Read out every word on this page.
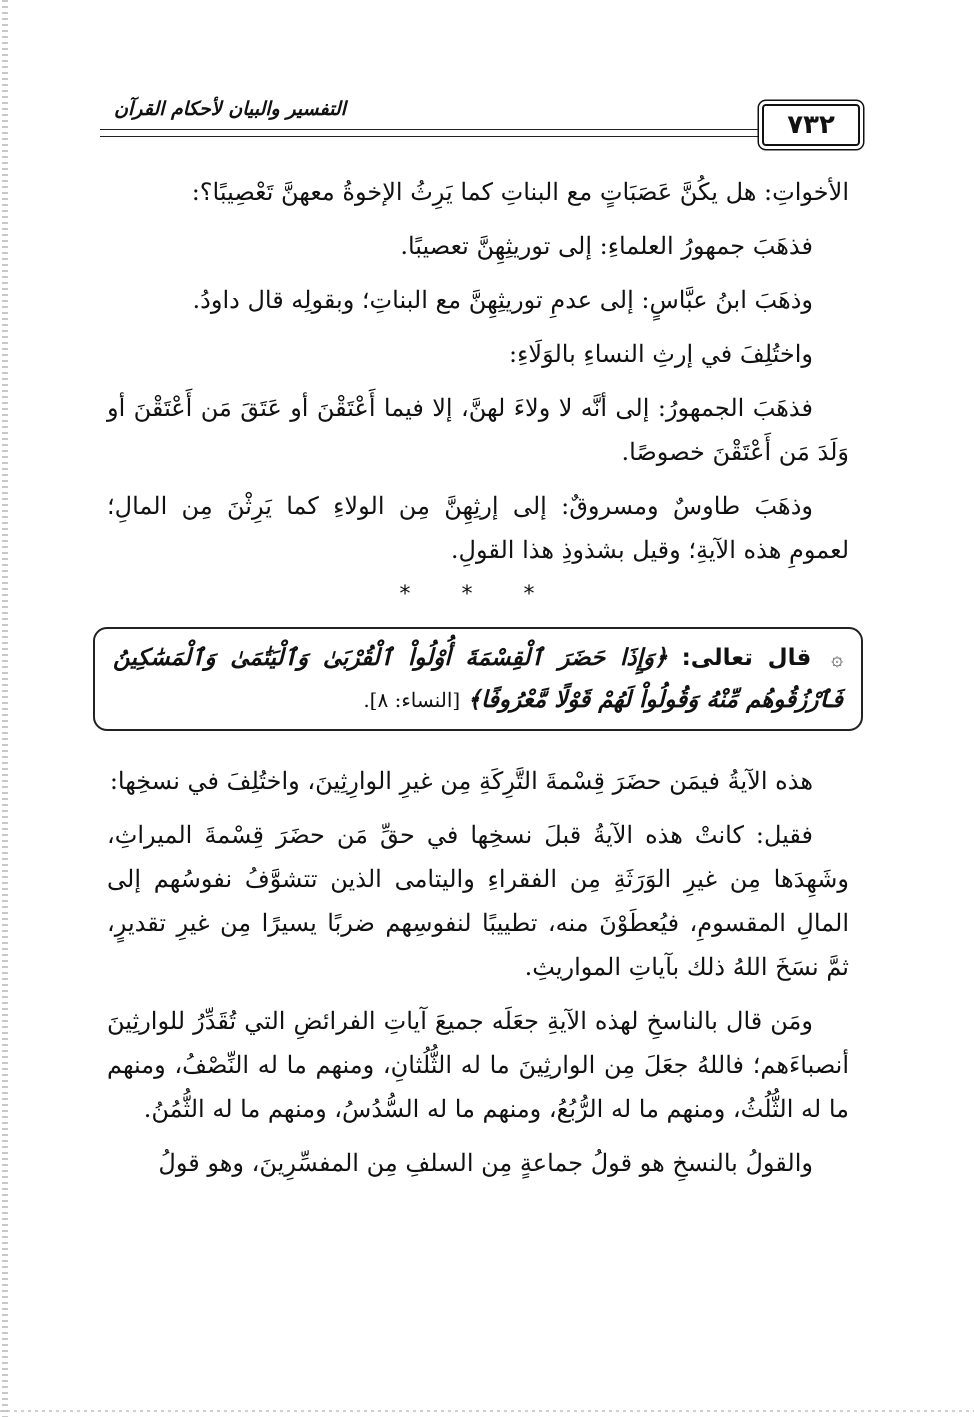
التفسير والبيان لأحكام القرآن
٧٣٢

الأخواتِ: هل يكُنَّ عَصَبَاتٍ مع البناتِ كما يَرِثُ الإخوةُ معهنَّ تَعْصِيبًا؟:

فذهَبَ جمهورُ العلماءِ: إلى توريثِهِنَّ تعصيبًا.

وذهَبَ ابنُ عبَّاسٍ: إلى عدمِ توريثِهِنَّ مع البناتِ؛ وبقولِه قال داودُ.

واختُلِفَ في إرثِ النساءِ بالوَلَاءِ:

فذهَبَ الجمهورُ: إلى أنَّه لا ولاءَ لهنَّ، إلا فيما أَعْتَقْنَ أو عَتَقَ مَن أَعْتَقْنَ أو وَلَدَ مَن أَعْتَقْنَ خصوصًا.

وذهَبَ طاوسٌ ومسروقٌ: إلى إرثِهِنَّ مِن الولاءِ كما يَرِثْنَ مِن المالِ؛ لعمومِ هذه الآيةِ؛ وقيل بشذوذِ هذا القولِ.

* * *
۞ قال تعالى: ﴿وَإِذَا حَضَرَ ٱلْقِسْمَةَ أُوْلُواْ ٱلْقُرْبَىٰ وَٱلْيَتَٰمَىٰ وَٱلْمَسَٰكِينُ فَٱرْزُقُوهُم مِّنْهُ وَقُولُواْ لَهُمْ قَوْلًا مَّعْرُوفًا﴾ [النساء: ٨].

هذه الآيةُ فيمَن حضَرَ قِسْمةَ التَّرِكَةِ مِن غيرِ الوارِثِينَ، واختُلِفَ في نسخِها:

فقيل: كانتْ هذه الآيةُ قبلَ نسخِها في حقِّ مَن حضَرَ قِسْمةَ الميراثِ، وشَهِدَها مِن غيرِ الوَرَثَةِ مِن الفقراءِ واليتامى الذين تتشوَّفُ نفوسُهم إلى المالِ المقسومِ، فيُعطَوْنَ منه، تطييبًا لنفوسِهم ضربًا يسيرًا مِن غيرِ تقديرٍ، ثمَّ نسَخَ اللهُ ذلك بآياتِ المواريثِ.

ومَن قال بالناسخِ لهذه الآيةِ جعَلَه جميعَ آياتِ الفرائضِ التي تُقَدِّرُ للوارثِينَ أنصباءَهم؛ فاللهُ جعَلَ مِن الوارثِينَ ما له الثُّلُثانِ، ومنهم ما له النِّصْفُ، ومنهم ما له الثُّلُثُ، ومنهم ما له الرُّبُعُ، ومنهم ما له السُّدُسُ، ومنهم ما له الثُّمُنُ.

والقولُ بالنسخِ هو قولُ جماعةٍ مِن السلفِ مِن المفسِّرِينَ، وهو قولُ
